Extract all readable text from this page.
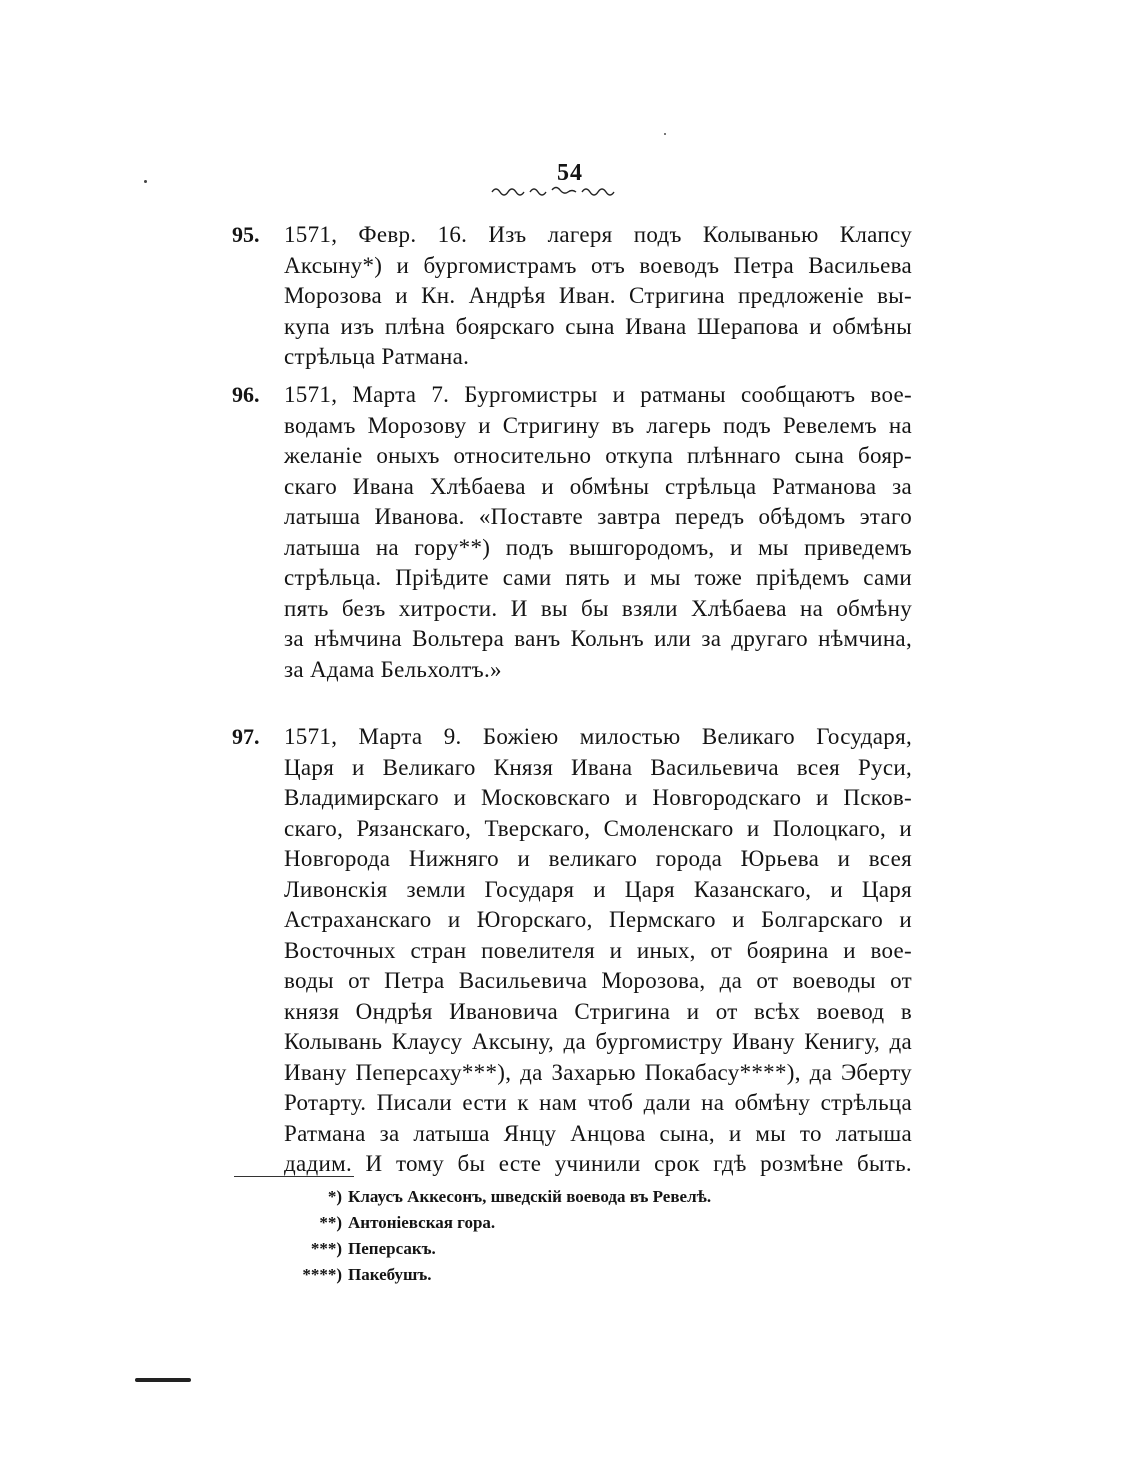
54
95. 1571, Февр. 16. Изъ лагеря подъ Колыванью Клапсу
Аксыну*) и бургомистрамъ отъ воеводъ Петра Васильева
Морозова и Кн. Андрѣя Иван. Стригина предложенiе вы-
купа изъ плѣна боярскаго сына Ивана Шерапова и обмѣны
стрѣльца Ратмана.
96. 1571, Марта 7. Бургомистры и ратманы сообщаютъ вое-
водамъ Морозову и Стригину въ лагерь подъ Ревелемъ на
желанiе оныхъ относительно откупа плѣннаго сына бояр-
скаго Ивана Хлѣбаева и обмѣны стрѣльца Ратманова за
латыша Иванова. «Поставте завтра передъ обѣдомъ этаго
латыша на гору**) подъ вышгородомъ, и мы приведемъ
стрѣльца. Прiѣдите сами пять и мы тоже прiѣдемъ сами
пять безъ хитрости. И вы бы взяли Хлѣбаева на обмѣну
за нѣмчина Вольтера ванъ Кольнъ или за другаго нѣмчина,
за Адама Бельхолтъ.»
97. 1571, Марта 9. Божiею милостью Великаго Государя,
Царя и Великаго Князя Ивана Васильевича всея Руси,
Владимирскаго и Московскаго и Новгородскаго и Псков-
скаго, Рязанскаго, Тверскаго, Смоленскаго и Полоцкаго, и
Новгорода Нижняго и великаго города Юрьева и всея
Ливонскiя земли Государя и Царя Казанскаго, и Царя
Астраханскаго и Югорскаго, Пермскаго и Болгарскаго и
Восточных стран повелителя и иных, от боярина и вое-
воды от Петра Васильевича Морозова, да от воеводы от
князя Ондрѣя Ивановича Стригина и от всѣх воевод в
Колывань Клаусу Аксыну, да бургомистру Ивану Кенигу, да
Ивану Пеперсаху***), да Захарью Покабасу****), да Эберту
Ротарту. Писали ести к нам чтоб дали на обмѣну стрѣльца
Ратмана за латыша Янцу Анцова сына, и мы то латыша
дадим. И тому бы есте учинили срок гдѣ розмѣне быть.
*) Клаусъ Аккесонъ, шведскiй воевода въ Ревелѣ.
**) Антонiевская гора.
***) Пеперсакъ.
****) Пакебушъ.
